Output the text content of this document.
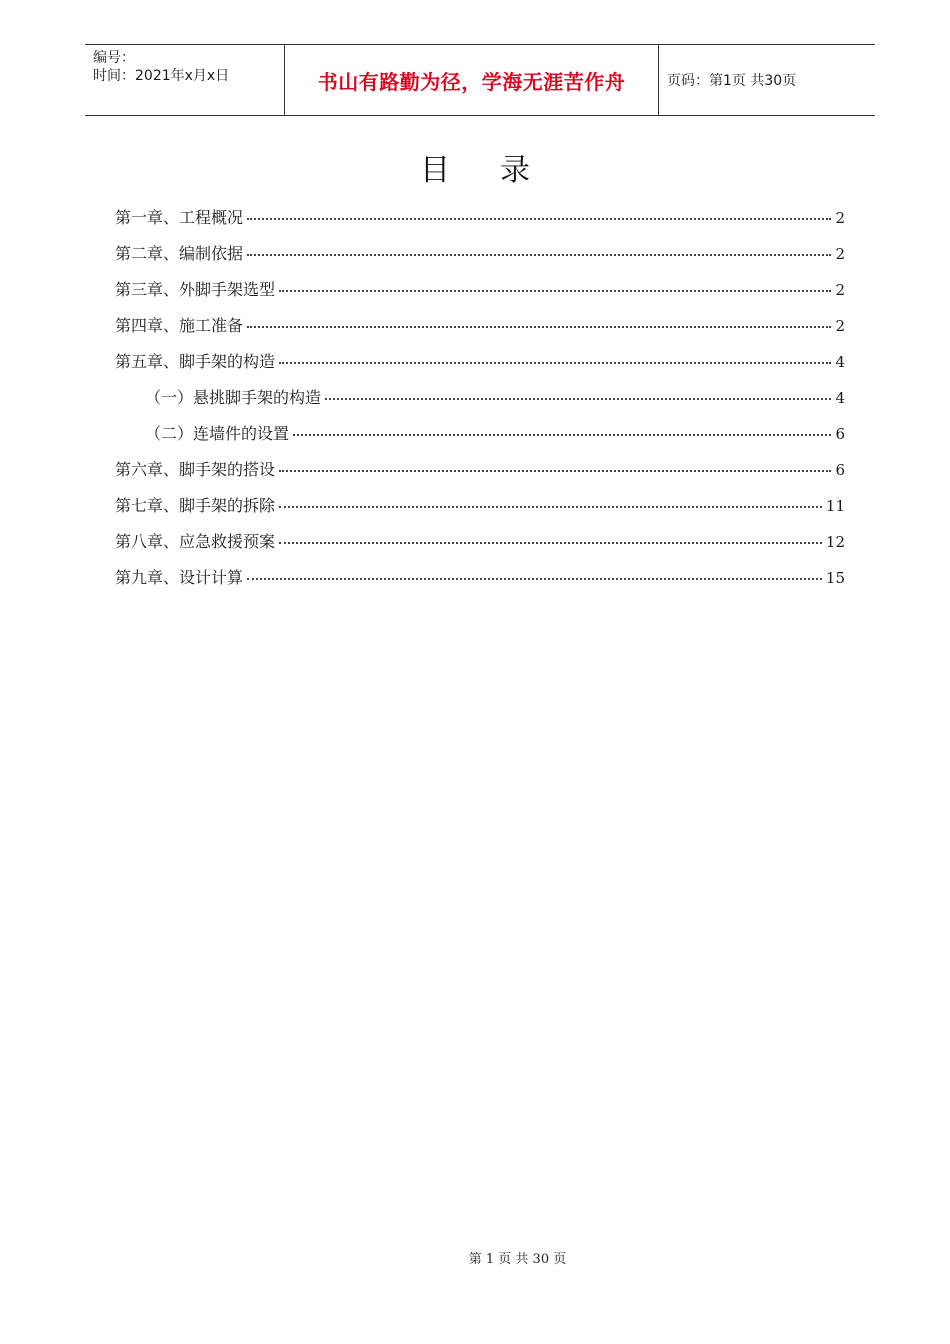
编号：
时间：2021年x月x日	书山有路勤为径，学海无涯苦作舟	页码：第1页 共30页
目录
第一章、工程概况	2
第二章、编制依据	2
第三章、外脚手架选型	2
第四章、施工准备	2
第五章、脚手架的构造	4
（一）悬挑脚手架的构造	4
（二）连墙件的设置	6
第六章、脚手架的搭设	6
第七章、脚手架的拆除	11
第八章、应急救援预案	12
第九章、设计计算	15
第 1 页 共 30 页
